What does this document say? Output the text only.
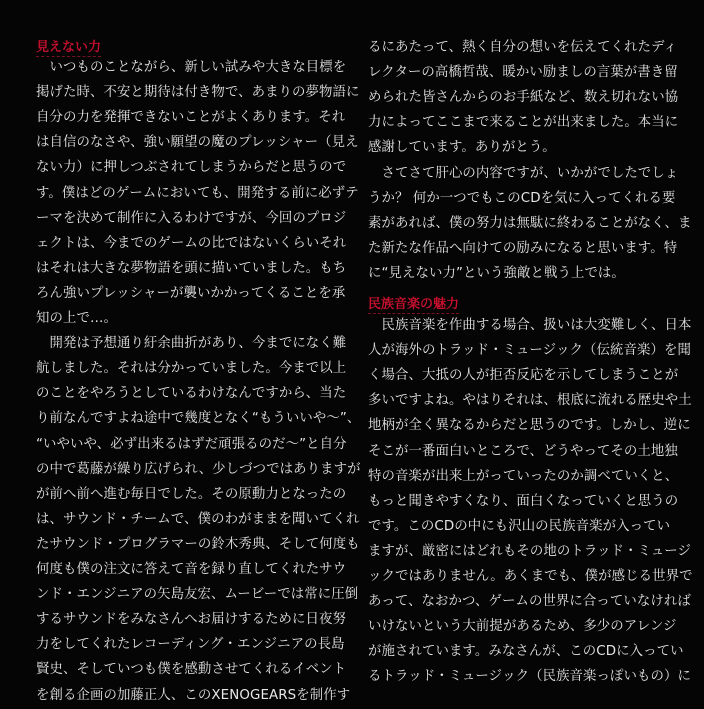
見えない力
　いつものことながら、新しい試みや大きな目標を
掲げた時、不安と期待は付き物で、あまりの夢物語に
自分の力を発揮できないことがよくあります。それ
は自信のなさや、強い願望の魔のプレッシャー（見え
ない力）に押しつぶされてしまうからだと思うので
す。僕はどのゲームにおいても、開発する前に必ずテ
ーマを決めて制作に入るわけですが、今回のプロジ
ェクトは、今までのゲームの比ではないくらいそれ
はそれは大きな夢物語を頭に描いていました。もち
ろん強いプレッシャーが襲いかかってくることを承
知の上で…。
　開発は予想通り紆余曲折があり、今までになく難
航しました。それは分かっていました。今まで以上
のことをやろうとしているわけなんですから、当た
り前なんですよね途中で幾度となく“もういいや～”、
“いやいや、必ず出来るはずだ頑張るのだ～”と自分
の中で葛藤が繰り広げられ、少しづつではありますが
が前へ前へ進む毎日でした。その原動力となったの
は、サウンド・チームで、僕のわがままを聞いてくれ
たサウンド・プログラマーの鈴木秀典、そして何度も
何度も僕の注文に答えて音を録り直してくれたサウ
ンド・エンジニアの矢島友宏、ムービーでは常に圧倒
するサウンドをみなさんへお届けするために日夜努
力をしてくれたレコーディング・エンジニアの長島
賢史、そしていつも僕を感動させてくれるイベント
を創る企画の加藤正人、このXENOGEARSを制作す
民族音楽の魅力
るにあたって、熱く自分の想いを伝えてくれたディ
レクターの高橋哲哉、暖かい励ましの言葉が書き留
められた皆さんからのお手紙など、数え切れない協
力によってここまで来ることが出来ました。本当に
感謝しています。ありがとう。
　さてさて肝心の内容ですが、いかがでしたでしょ
うか？ 何か一つでもこのCDを気に入ってくれる要
素があれば、僕の努力は無駄に終わることがなく、ま
た新たな作品へ向けての励みになると思います。特
に“見えない力”という強敵と戦う上では。
　民族音楽を作曲する場合、扱いは大変難しく、日本
人が海外のトラッド・ミュージック（伝統音楽）を聞
く場合、大抵の人が拒否反応を示してしまうことが
多いですよね。やはりそれは、根底に流れる歴史や土
地柄が全く異なるからだと思うのです。しかし、逆に
そこが一番面白いところで、どうやってその土地独
特の音楽が出来上がっていったのか調べていくと、
もっと聞きやすくなり、面白くなっていくと思うの
です。このCDの中にも沢山の民族音楽が入ってい
ますが、厳密にはどれもその地のトラッド・ミュージ
ックではありません。あくまでも、僕が感じる世界で
あって、なおかつ、ゲームの世界に合っていなければ
いけないという大前提があるため、多少のアレンジ
が施されています。みなさんが、このCDに入ってい
るトラッド・ミュージック（民族音楽っぽいもの）に
